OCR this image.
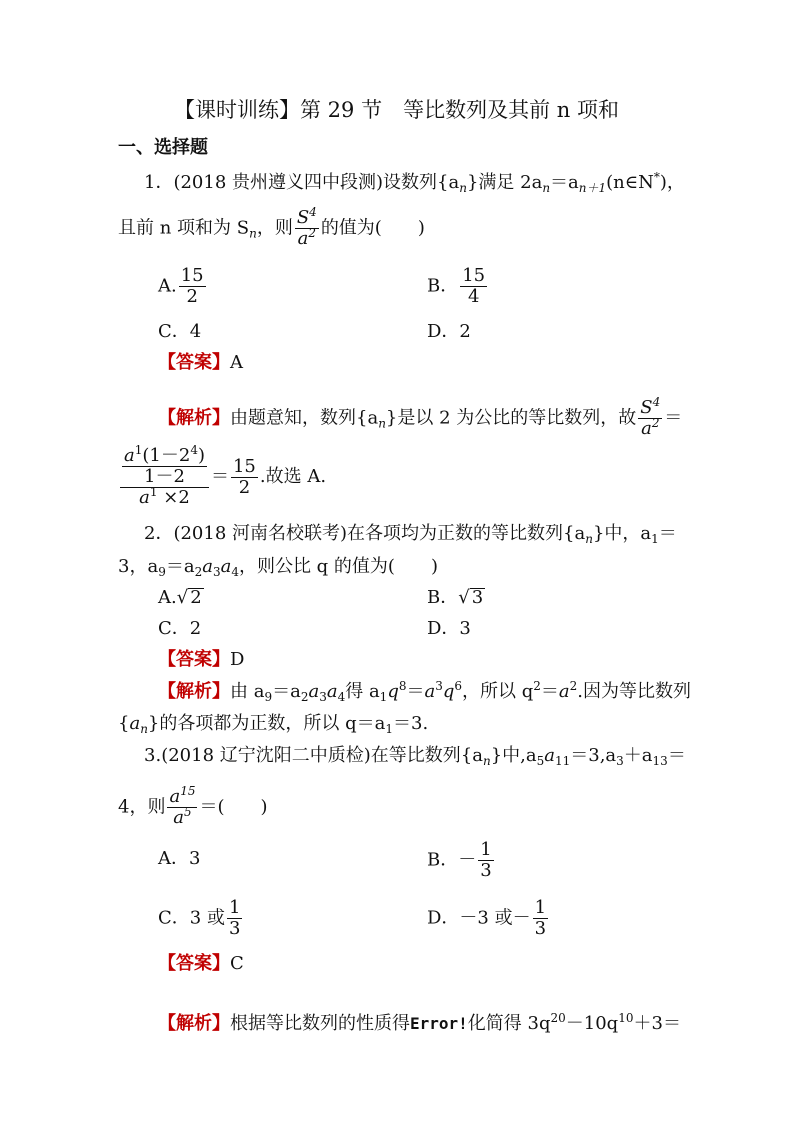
【课时训练】第 29 节　等比数列及其前 n 项和
一、选择题
1．(2018 贵州遵义四中段测)设数列$\{a_n\}$满足 $2a_n=a_{n+1}(n\in N^*)$，
且前 n 项和为 $S_n$，则 $\frac{S^4}{a^2}$ 的值为(　　)
A. $\frac{15}{2}$	B． $\frac{15}{4}$
C．4	D．2
【答案】A
【解析】由题意知，数列$\{a_n\}$是以 2 为公比的等比数列，故 $\frac{S^4}{a^2}$ ＝
$\frac{\frac{a^1(1-2^4)}{1-2}}{a^1 \times 2} = \frac{15}{2}$ .故选 A.
2．(2018 河南名校联考)在各项均为正数的等比数列$\{a_n\}$中，$a_1=$
3，$a_9=a_2a_3a_4$，则公比 q 的值为(　　)
A.√ 2	B．√ 3
C．2	D．3
【答案】D
【解析】由 $a_9=a_2a_3a_4$得 $a_1q^8=a^3q^6$，所以 $q^2=a^2$.因为等比数列
$\{a_n\}$的各项都为正数，所以 $q=a_1=3$.
3.(2018 辽宁沈阳二中质检)在等比数列$\{a_n\}$中$,a_5a_{11}=3,a_3+a_{13}=$
4，则 $\frac{a^{15}}{a^5}$ ＝(　　)
A．3	B．－ $\frac{1}{3}$
C．3 或 $\frac{1}{3}$	D．－3 或－ $\frac{1}{3}$
【答案】C
【解析】根据等比数列的性质得Error!化简得 $3q^{20}-10q^{10}+3=$
